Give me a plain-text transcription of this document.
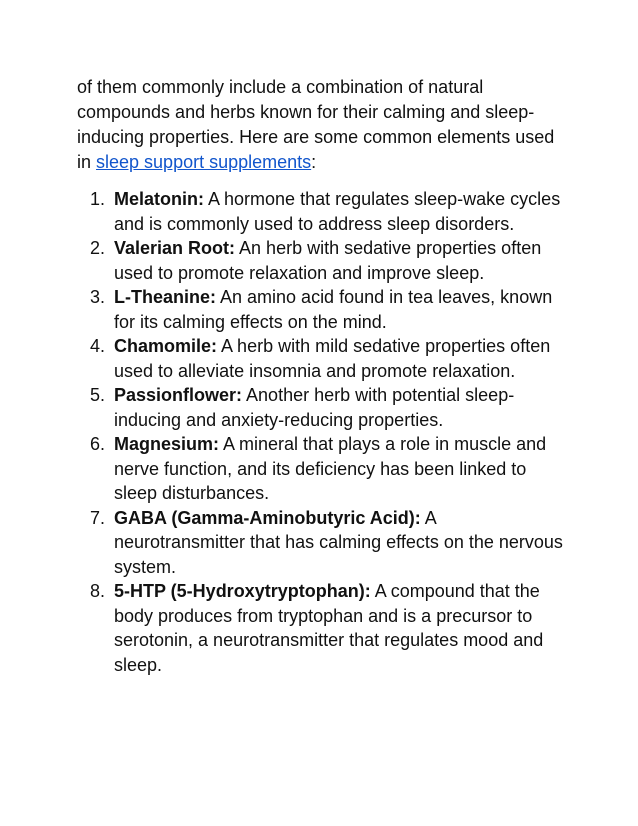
of them commonly include a combination of natural compounds and herbs known for their calming and sleep-inducing properties. Here are some common elements used in sleep support supplements:

1. Melatonin: A hormone that regulates sleep-wake cycles and is commonly used to address sleep disorders.
2. Valerian Root: An herb with sedative properties often used to promote relaxation and improve sleep.
3. L-Theanine: An amino acid found in tea leaves, known for its calming effects on the mind.
4. Chamomile: A herb with mild sedative properties often used to alleviate insomnia and promote relaxation.
5. Passionflower: Another herb with potential sleep-inducing and anxiety-reducing properties.
6. Magnesium: A mineral that plays a role in muscle and nerve function, and its deficiency has been linked to sleep disturbances.
7. GABA (Gamma-Aminobutyric Acid): A neurotransmitter that has calming effects on the nervous system.
8. 5-HTP (5-Hydroxytryptophan): A compound that the body produces from tryptophan and is a precursor to serotonin, a neurotransmitter that regulates mood and sleep.
